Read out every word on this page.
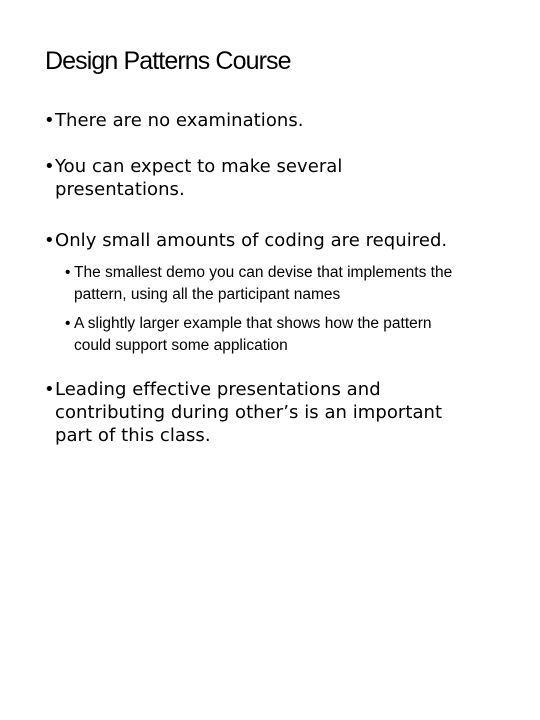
Design Patterns Course
• There are no examinations.
• You can expect to make several presentations.
• Only small amounts of coding are required.
• The smallest demo you can devise that implements the pattern, using all the participant names
• A slightly larger example that shows how the pattern could support some application
• Leading effective presentations and contributing during other’s is an important part of this class.
